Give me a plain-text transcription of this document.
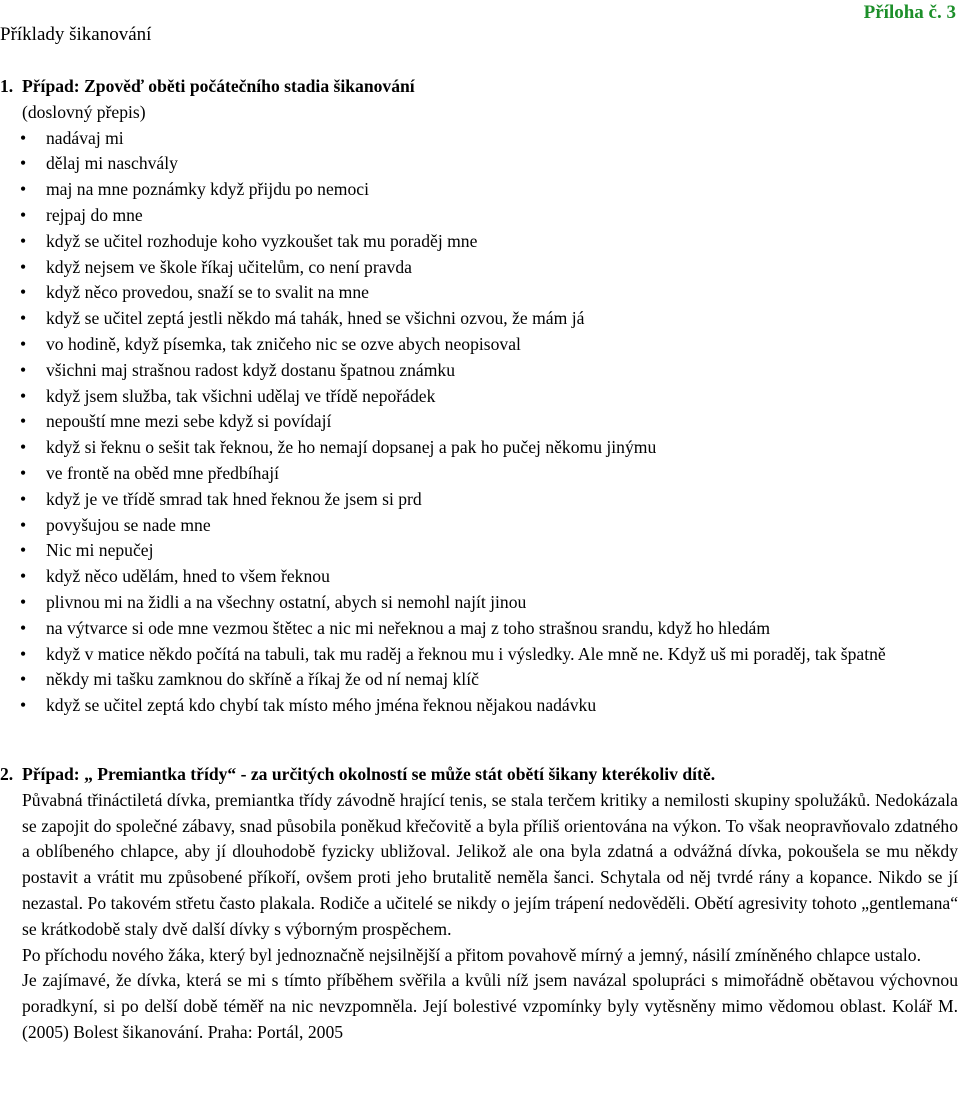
Příklady šikanování
Příloha č. 3
1. Případ: Zpověď oběti počátečního stadia šikanování
(doslovný přepis)
• nadávaj mi
• dělaj mi naschvály
• maj na mne poznámky když přijdu po nemoci
• rejpaj do mne
• když se učitel rozhoduje koho vyzkoušet tak mu poraděj mne
• když nejsem ve škole říkaj učitelům, co není pravda
• když něco provedou, snaží se to svalit na mne
• když se učitel zeptá jestli někdo má tahák, hned se všichni ozvou, že mám já
• vo hodině, když písemka, tak zničeho nic se ozve abych neopisoval
• všichni maj strašnou radost když dostanu špatnou známku
• když jsem služba, tak všichni udělaj ve třídě nepořádek
• nepouští mne mezi sebe když si povídají
• když si řeknu o sešit tak řeknou, že ho nemají dopsanej a pak ho pučej někomu jinýmu
• ve frontě na oběd mne předbíhají
• když je ve třídě smrad tak hned řeknou že jsem si prd
• povyšujou se nade mne
• Nic mi nepučej
• když něco udělám, hned to všem řeknou
• plivnou mi na židli a na všechny ostatní, abych si nemohl najít jinou
• na výtvarce si ode mne vezmou štětec a nic mi neřeknou a maj z toho strašnou srandu, když ho hledám
• když v matice někdo počítá na tabuli, tak mu raděj a řeknou mu i výsledky. Ale mně ne. Když uš mi poraděj, tak špatně
• někdy mi tašku zamknou do skříně a říkaj že od ní nemaj klíč
• když se učitel zeptá kdo chybí tak místo mého jména řeknou nějakou nadávku
2. Případ: „ Premiantka třídy“ - za určitých okolností se může stát obětí šikany kterékoliv dítě.

Půvabná třináctiletá dívka, premiantka třídy závodně hrající tenis, se stala terčem kritiky a nemilosti skupiny spolužáků. Nedokázala se zapojit do společné zábavy, snad působila poněkud křečovitě a byla příliš orientována na výkon. To však neopravňovalo zdatného a oblíbeného chlapce, aby jí dlouhodobě fyzicky ubližoval. Jelikož ale ona byla zdatná a odvážná dívka, pokoušela se mu někdy postavit a vrátit mu způsobené příkoří, ovšem proti jeho brutalitě neměla šanci. Schytala od něj tvrdé rány a kopance. Nikdo se jí nezastal. Po takovém střetu často plakala. Rodiče a učitelé se nikdy o jejím trápení nedověděli. Obětí agresivity tohoto „gentlemana“ se krátkodobě staly dvě další dívky s výborným prospěchem.

Po příchodu nového žáka, který byl jednoznačně nejsilnější a přitom povahově mírný a jemný, násilí zmíněného chlapce ustalo.

Je zajímavé, že dívka, která se mi s tímto příběhem svěřila a kvůli níž jsem navázal spolupráci s mimořádně obětavou výchovnou poradkyní, si po delší době téměř na nic nevzpomněla. Její bolestivé vzpomínky byly vytěsněny mimo vědomou oblast. Kolář M. (2005) Bolest šikanování. Praha: Portál, 2005
